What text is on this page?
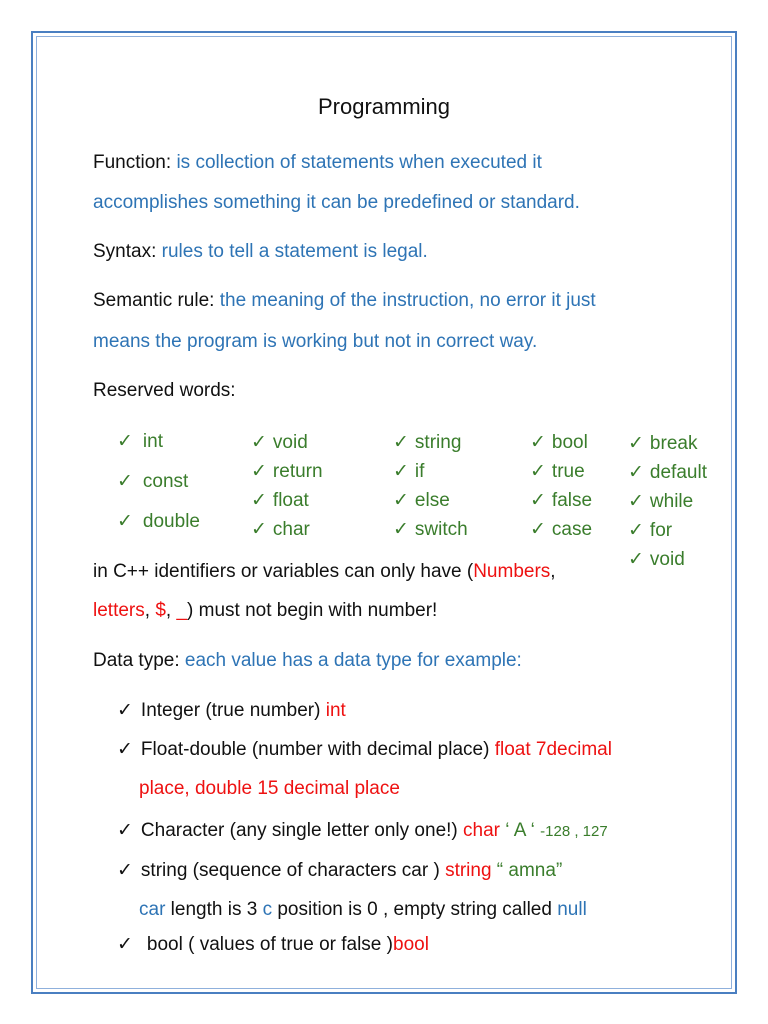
Programming
Function: is collection of statements when executed it
accomplishes something it can be predefined or standard.
Syntax: rules to tell a statement is legal.
Semantic rule: the meaning of the instruction, no error it just
means the program is working but not in correct way.
Reserved words:
✓ int
✓ const
✓ double
✓ void
✓ return
✓ float
✓ char
✓ string
✓ if
✓ else
✓ switch
✓ bool
✓ true
✓ false
✓ case
✓ break
✓ default
✓ while
✓ for
✓ void
in C++ identifiers or variables can only have (Numbers,
letters, $, _) must not begin with number!
Data type: each value has a data type for example:
✓ Integer (true number) int
✓ Float-double (number with decimal place) float 7decimal
place, double 15 decimal place
✓ Character (any single letter only one!) char ‘ A ‘ -128 , 127
✓ string (sequence of characters car ) string “ amna”
car length is 3 c position is 0 , empty string called null
✓ bool ( values of true or false )bool
